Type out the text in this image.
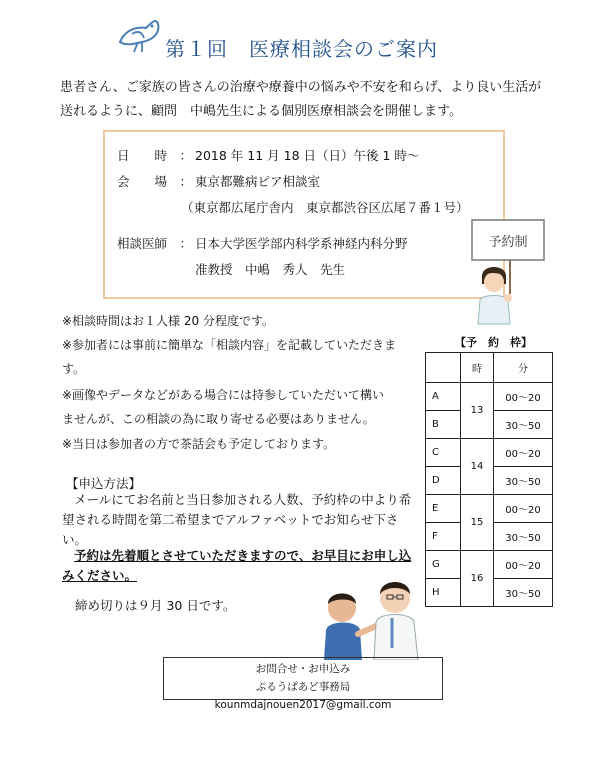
第１回　医療相談会のご案内
患者さん、ご家族の皆さんの治療や療養中の悩みや不安を和らげ、より良い生活が送れるように、顧問　中嶋先生による個別医療相談会を開催します。
日　　時　： 2018 年 11 月 18 日（日）午後 1 時〜
会　　場　： 東京都難病ピア相談室
（東京都広尾庁舎内　東京都渋谷区広尾７番１号）
相談医師　： 日本大学医学部内科学系神経内科分野
准教授　中嶋　秀人　先生
予約制
※相談時間はお１人様 20 分程度です。
※参加者には事前に簡単な「相談内容」を記載していただきま
す。
※画像やデータなどがある場合には持参していただいて構い
ませんが、この相談の為に取り寄せる必要はありません。
※当日は参加者の方で茶話会も予定しております。
【予　約　枠】
	時	分
A	13	00〜20
B		30〜50
C	14	00〜20
D		30〜50
E	15	00〜20
F		30〜50
G	16	00〜20
H		30〜50
【申込方法】
メールにてお名前と当日参加される人数、予約枠の中より希望される時間を第二希望までアルファベットでお知らせ下さい。
予約は先着順とさせていただきますので、お早目にお申し込みください。
締め切りは９月 30 日です。
お問合せ・お申込み
ぷるうぱあど事務局　kounmdajnouen2017@gmail.com
